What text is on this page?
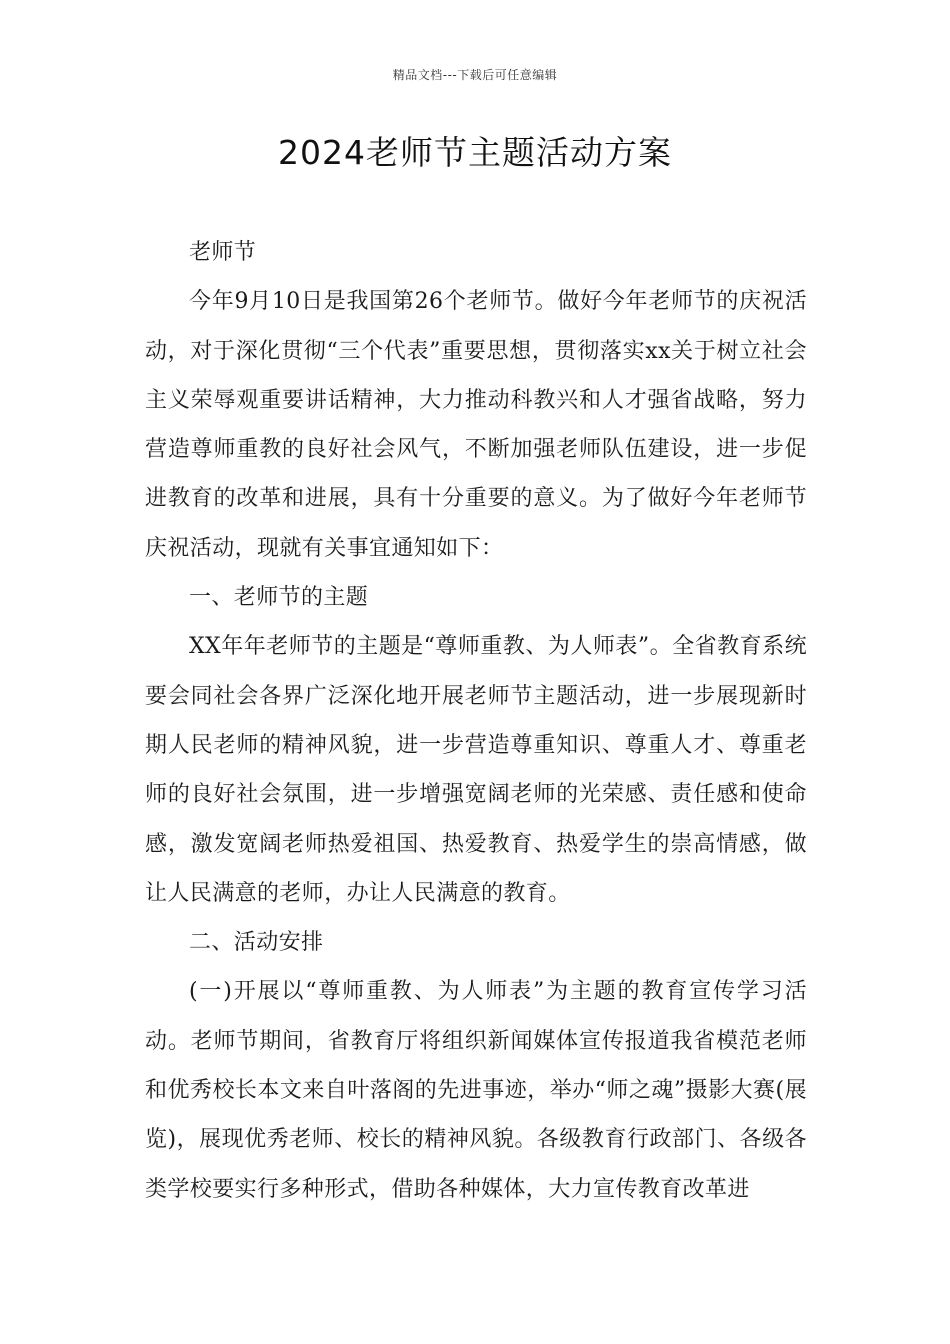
精品文档---下载后可任意编辑
2024老师节主题活动方案

老师节

今年9月10日是我国第26个老师节。做好今年老师节的庆祝活动，对于深化贯彻“三个代表”重要思想，贯彻落实xx关于树立社会主义荣辱观重要讲话精神，大力推动科教兴和人才强省战略，努力营造尊师重教的良好社会风气，不断加强老师队伍建设，进一步促进教育的改革和进展，具有十分重要的意义。为了做好今年老师节庆祝活动，现就有关事宜通知如下：

一、老师节的主题

XX年年老师节的主题是“尊师重教、为人师表”。全省教育系统要会同社会各界广泛深化地开展老师节主题活动，进一步展现新时期人民老师的精神风貌，进一步营造尊重知识、尊重人才、尊重老师的良好社会氛围，进一步增强宽阔老师的光荣感、责任感和使命感，激发宽阔老师热爱祖国、热爱教育、热爱学生的崇高情感，做让人民满意的老师，办让人民满意的教育。

二、活动安排

(一)开展以“尊师重教、为人师表”为主题的教育宣传学习活动。老师节期间，省教育厅将组织新闻媒体宣传报道我省模范老师和优秀校长本文来自叶落阁的先进事迹，举办“师之魂”摄影大赛(展览)，展现优秀老师、校长的精神风貌。各级教育行政部门、各级各类学校要实行多种形式，借助各种媒体，大力宣传教育改革进
